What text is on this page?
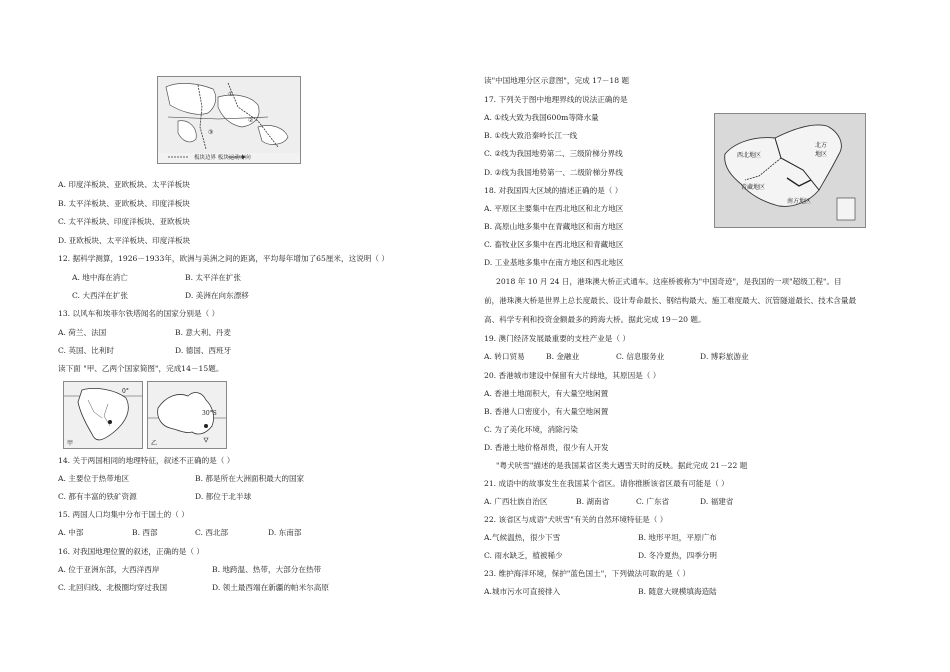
①
②
③
板块边界 板块运动方向
A. 印度洋板块、亚欧板块、太平洋板块
B. 太平洋板块、亚欧板块、印度洋板块
C. 太平洋板块、印度洋板块、亚欧板块
D. 亚欧板块、太平洋板块、印度洋板块
12. 据科学测算，1926－1933年，欧洲与美洲之间的距离，平均每年增加了65厘米，这说明（ ）
A. 地中海在消亡	B. 太平洋在扩张
C. 大西洋在扩张	D. 美洲在向东漂移
13. 以风车和埃菲尔铁塔闻名的国家分别是（ ）
A. 荷兰、法国	B. 意大利、丹麦
C. 英国、比利时	D. 德国、西班牙
读下面 "甲、乙两个国家简图"，完成14－15题。
0°
甲
30°S
乙
14. 关于两国相同的地理特征，叙述不正确的是（ ）
A. 主要位于热带地区	B. 都是所在大洲面积最大的国家
C. 都有丰富的铁矿资源	D. 都位于北半球
15. 两国人口均集中分布于国土的（ ）
A. 中部	B. 西部	C. 西北部	D. 东南部
16. 对我国地理位置的叙述，正确的是（ ）
A. 位于亚洲东部，大西洋西岸	B. 地跨温、热带，大部分在热带
C. 北回归线、北极圈均穿过我国	D. 领土最西端在新疆的帕米尔高原
读"中国地理分区示意图"，完成 17－18 题
17. 下列关于图中地理界线的说法正确的是
A. ①线大致为我国600m等降水量
B. ①线大致沿秦岭长江一线
C. ②线为我国地势第二、三级阶梯分界线
D. ②线为我国地势第一、二级阶梯分界线
北方地区
西北地区
青藏地区
南方地区
18. 对我国四大区域的描述正确的是（ ）
A. 平原区主要集中在西北地区和北方地区
B. 高原山地多集中在青藏地区和南方地区
C. 畜牧业区多集中在西北地区和青藏地区
D. 工业基地多集中在南方地区和西北地区
2018 年 10 月 24 日，港珠澳大桥正式通车。这座桥被称为"中国奇迹"，是我国的一项"超级工程"。目
前，港珠澳大桥是世界上总长度最长、设计寿命最长、钢结构最大、施工难度最大、沉管隧道最长、技术含量最
高、科学专利和投资金额最多的跨海大桥。据此完成 19－20 题。
19. 澳门经济发展最重要的支柱产业是（ ）
A. 转口贸易	B. 金融业	C. 信息服务业	D. 博彩旅游业
20. 香港城市建设中保留有大片绿地，其原因是（ ）
A. 香港土地面积大，有大量空地闲置
B. 香港人口密度小，有大量空地闲置
C. 为了美化环境，消除污染
D. 香港土地价格昂贵，很少有人开发
"粤犬吠雪"描述的是我国某省区类大遇雪天时的反映。据此完成 21－22 题
21. 成语中的故事发生在我国某个省区。请你推断该省区最有可能是（ ）
A. 广西壮族自治区	B. 湖南省	C. 广东省	D. 福建省
22. 该省区与成语"犬吠雪"有关的自然环境特征是（ ）
A.气候温热，很少下雪	B. 地形平坦，平原广布
C. 雨水缺乏，植被稀少	D. 冬冷夏热，四季分明
23. 维护海洋环境，保护"蓝色国土"，下列做法可取的是（ ）
A.城市污水可直接排入	B. 随意大规模填海造陆
